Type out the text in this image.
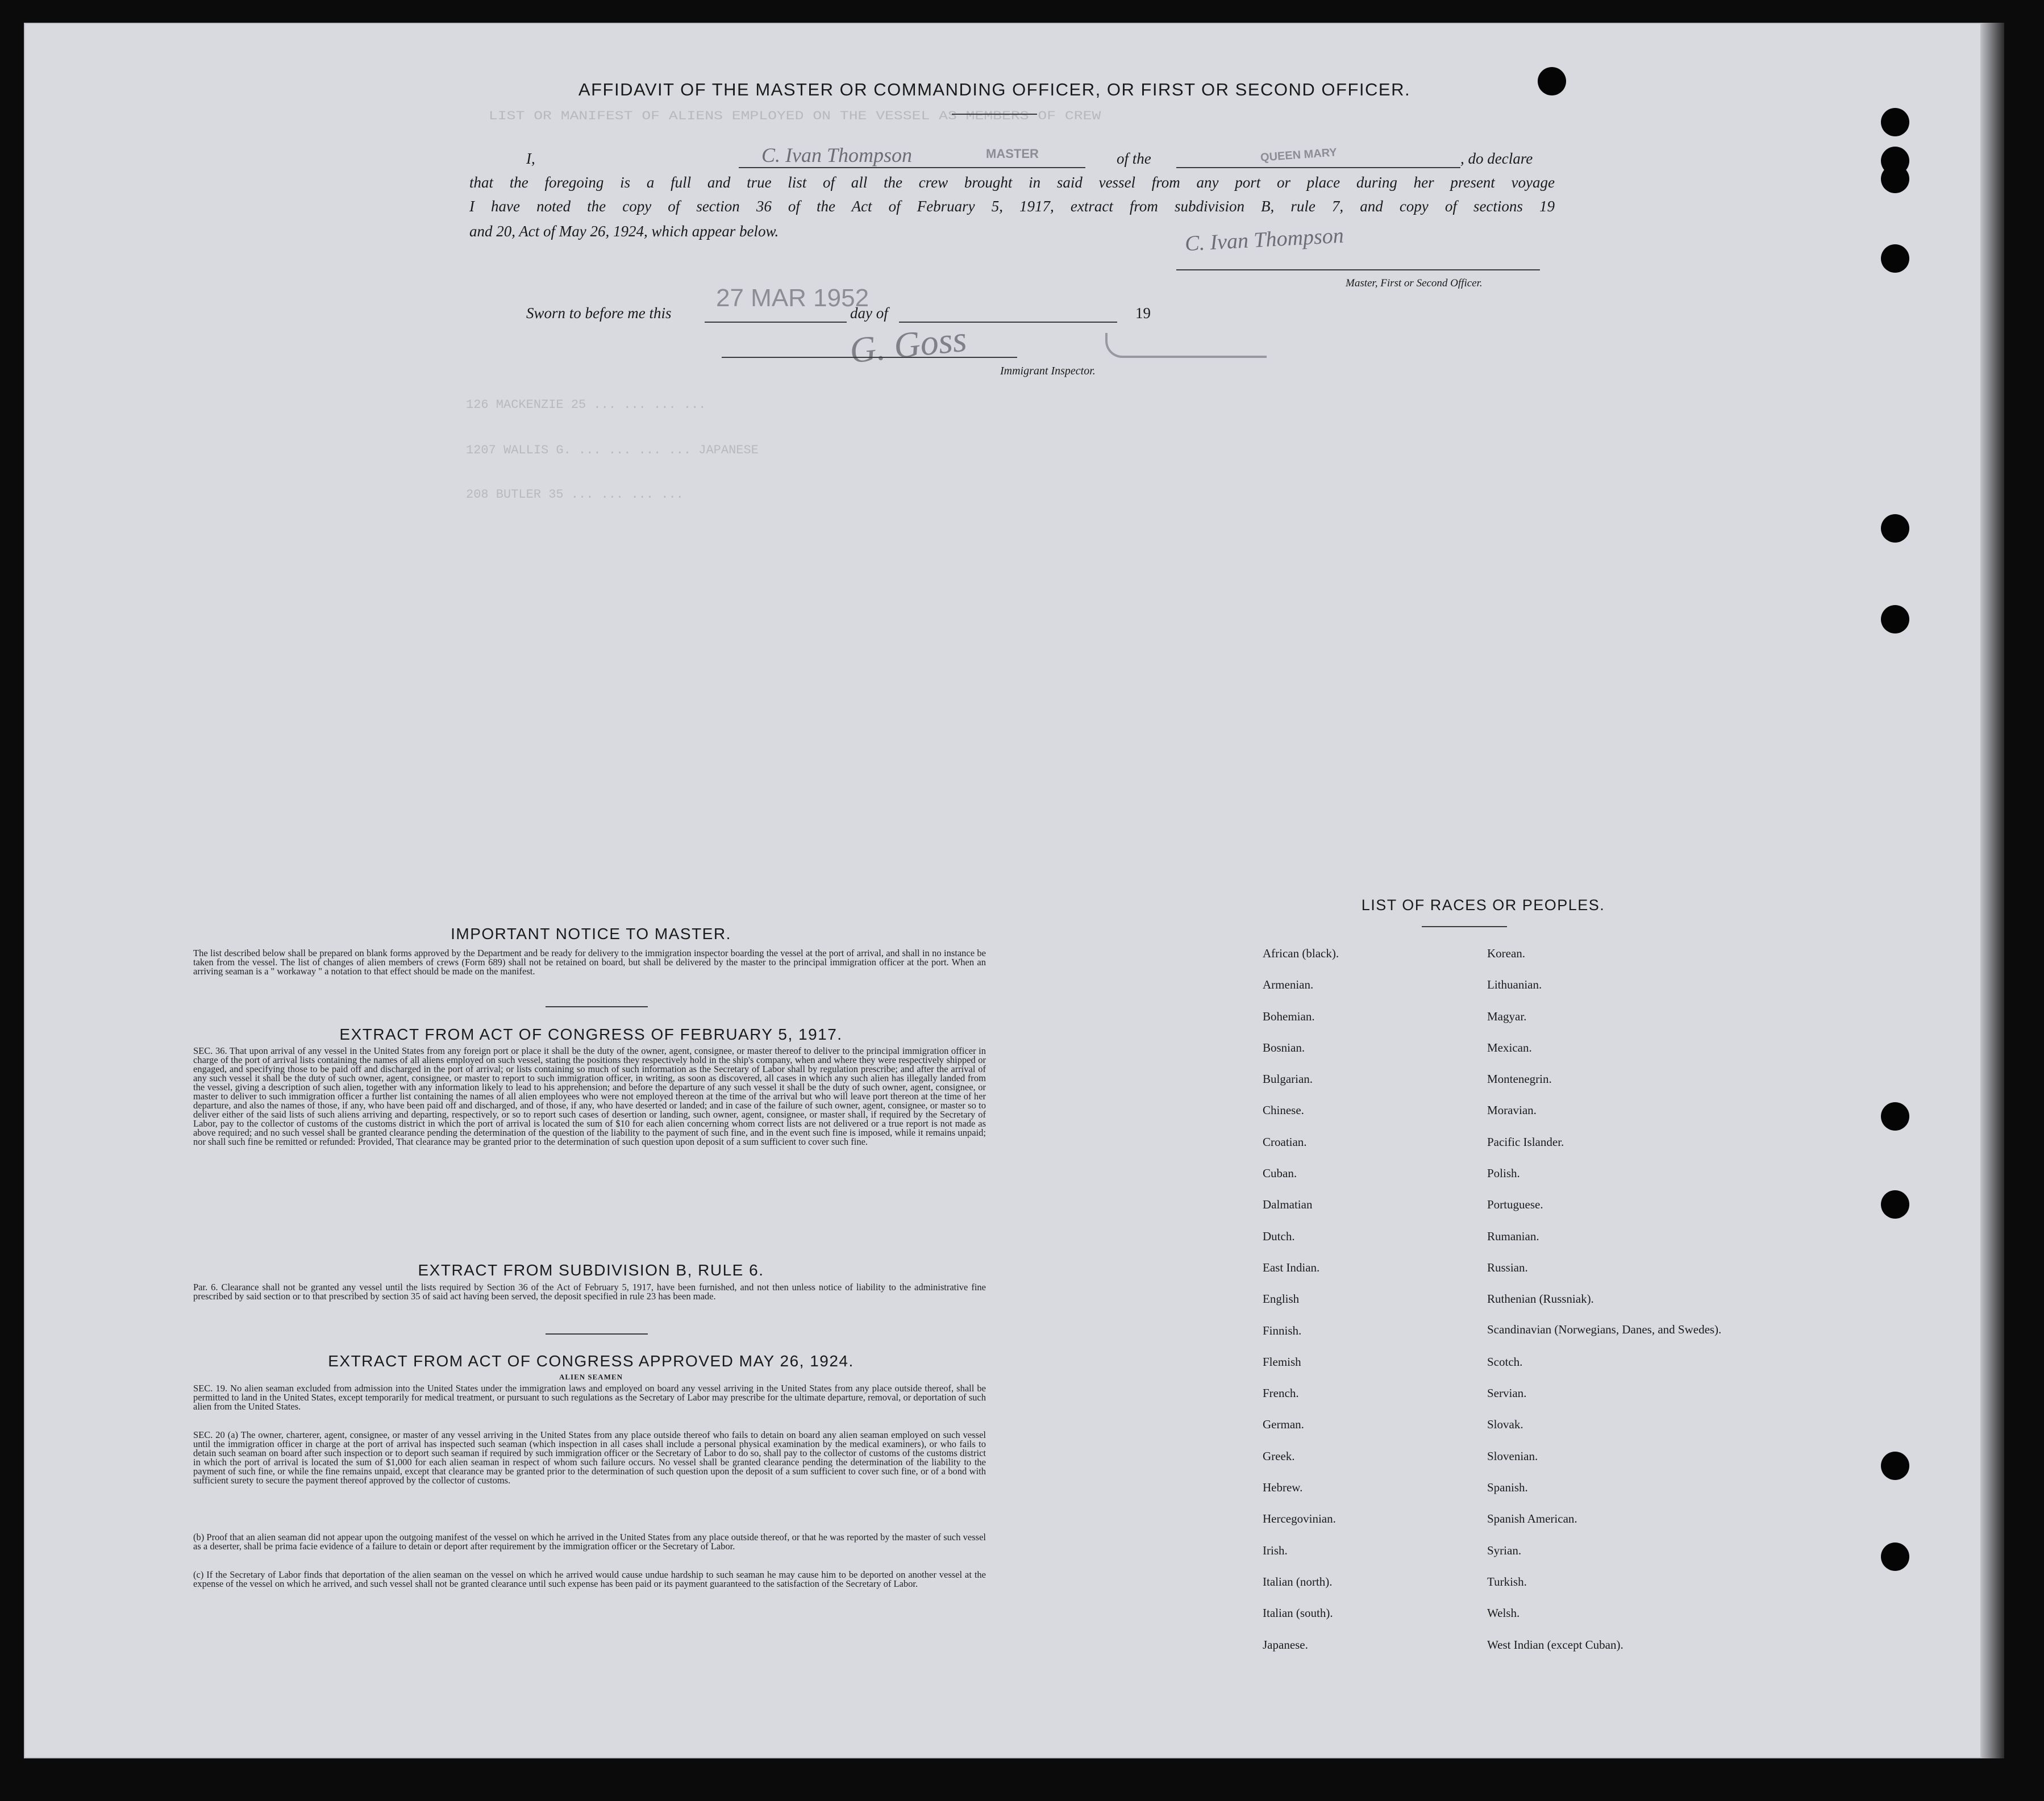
LIST OR MANIFEST OF ALIENS EMPLOYED ON THE VESSEL AS MEMBERS OF CREW
126 MACKENZIE 25 ... ... ... ...
1207 WALLIS G. ... ... ... ... JAPANESE
208 BUTLER 35 ... ... ... ...
AFFIDAVIT OF THE MASTER OR COMMANDING OFFICER, OR FIRST OR SECOND OFFICER.
I,	C. Ivan Thompson	MASTER	of the	QUEEN MARY	, do declare
that the foregoing is a full and true list of all the crew brought in said vessel from any port or place during her present voyage
I have noted the copy of section 36 of the Act of February 5, 1917, extract from subdivision B, rule 7, and copy of sections 19
and 20, Act of May 26, 1924, which appear below.	C. Ivan Thompson
Master, First or Second Officer.
Sworn to before me this
27 MAR 1952
day of	19
G. Goss
Immigrant Inspector.
IMPORTANT NOTICE TO MASTER.
The list described below shall be prepared on blank forms approved by the Department and be ready for delivery to the immigration inspector boarding the vessel at the port of arrival, and shall in no instance be taken from the vessel. The list of changes of alien members of crews (Form 689) shall not be retained on board, but shall be delivered by the master to the principal immigration officer at the port. When an arriving seaman is a " workaway " a notation to that effect should be made on the manifest.
EXTRACT FROM ACT OF CONGRESS OF FEBRUARY 5, 1917.
SEC. 36. That upon arrival of any vessel in the United States from any foreign port or place it shall be the duty of the owner, agent, consignee, or master thereof to deliver to the principal immigration officer in charge of the port of arrival lists containing the names of all aliens employed on such vessel, stating the positions they respectively hold in the ship's company, when and where they were respectively shipped or engaged, and specifying those to be paid off and discharged in the port of arrival; or lists containing so much of such information as the Secretary of Labor shall by regulation prescribe; and after the arrival of any such vessel it shall be the duty of such owner, agent, consignee, or master to report to such immigration officer, in writing, as soon as discovered, all cases in which any such alien has illegally landed from the vessel, giving a description of such alien, together with any information likely to lead to his apprehension; and before the departure of any such vessel it shall be the duty of such owner, agent, consignee, or master to deliver to such immigration officer a further list containing the names of all alien employees who were not employed thereon at the time of the arrival but who will leave port thereon at the time of her departure, and also the names of those, if any, who have been paid off and discharged, and of those, if any, who have deserted or landed; and in case of the failure of such owner, agent, consignee, or master so to deliver either of the said lists of such aliens arriving and departing, respectively, or so to report such cases of desertion or landing, such owner, agent, consignee, or master shall, if required by the Secretary of Labor, pay to the collector of customs of the customs district in which the port of arrival is located the sum of $10 for each alien concerning whom correct lists are not delivered or a true report is not made as above required; and no such vessel shall be granted clearance pending the determination of the question of the liability to the payment of such fine, and in the event such fine is imposed, while it remains unpaid; nor shall such fine be remitted or refunded: Provided, That clearance may be granted prior to the determination of such question upon deposit of a sum sufficient to cover such fine.
EXTRACT FROM SUBDIVISION B, RULE 6.
Par. 6. Clearance shall not be granted any vessel until the lists required by Section 36 of the Act of February 5, 1917, have been furnished, and not then unless notice of liability to the administrative fine prescribed by said section or to that prescribed by section 35 of said act having been served, the deposit specified in rule 23 has been made.
EXTRACT FROM ACT OF CONGRESS APPROVED MAY 26, 1924.
ALIEN SEAMEN
SEC. 19. No alien seaman excluded from admission into the United States under the immigration laws and employed on board any vessel arriving in the United States from any place outside thereof, shall be permitted to land in the United States, except temporarily for medical treatment, or pursuant to such regulations as the Secretary of Labor may prescribe for the ultimate departure, removal, or deportation of such alien from the United States.
SEC. 20 (a) The owner, charterer, agent, consignee, or master of any vessel arriving in the United States from any place outside thereof who fails to detain on board any alien seaman employed on such vessel until the immigration officer in charge at the port of arrival has inspected such seaman (which inspection in all cases shall include a personal physical examination by the medical examiners), or who fails to detain such seaman on board after such inspection or to deport such seaman if required by such immigration officer or the Secretary of Labor to do so, shall pay to the collector of customs of the customs district in which the port of arrival is located the sum of $1,000 for each alien seaman in respect of whom such failure occurs. No vessel shall be granted clearance pending the determination of the liability to the payment of such fine, or while the fine remains unpaid, except that clearance may be granted prior to the determination of such question upon the deposit of a sum sufficient to cover such fine, or of a bond with sufficient surety to secure the payment thereof approved by the collector of customs.
(b) Proof that an alien seaman did not appear upon the outgoing manifest of the vessel on which he arrived in the United States from any place outside thereof, or that he was reported by the master of such vessel as a deserter, shall be prima facie evidence of a failure to detain or deport after requirement by the immigration officer or the Secretary of Labor.
(c) If the Secretary of Labor finds that deportation of the alien seaman on the vessel on which he arrived would cause undue hardship to such seaman he may cause him to be deported on another vessel at the expense of the vessel on which he arrived, and such vessel shall not be granted clearance until such expense has been paid or its payment guaranteed to the satisfaction of the Secretary of Labor.
LIST OF RACES OR PEOPLES.
African (black).	Korean.
Armenian.	Lithuanian.
Bohemian.	Magyar.
Bosnian.	Mexican.
Bulgarian.	Montenegrin.
Chinese.	Moravian.
Croatian.	Pacific Islander.
Cuban.	Polish.
Dalmatian	Portuguese.
Dutch.	Rumanian.
East Indian.	Russian.
English	Ruthenian (Russniak).
Finnish.	Scandinavian (Norwegians, Danes, and Swedes).
Flemish	Scotch.
French.	Servian.
German.	Slovak.
Greek.	Slovenian.
Hebrew.	Spanish.
Hercegovinian.	Spanish American.
Irish.	Syrian.
Italian (north).	Turkish.
Italian (south).	Welsh.
Japanese.	West Indian (except Cuban).
